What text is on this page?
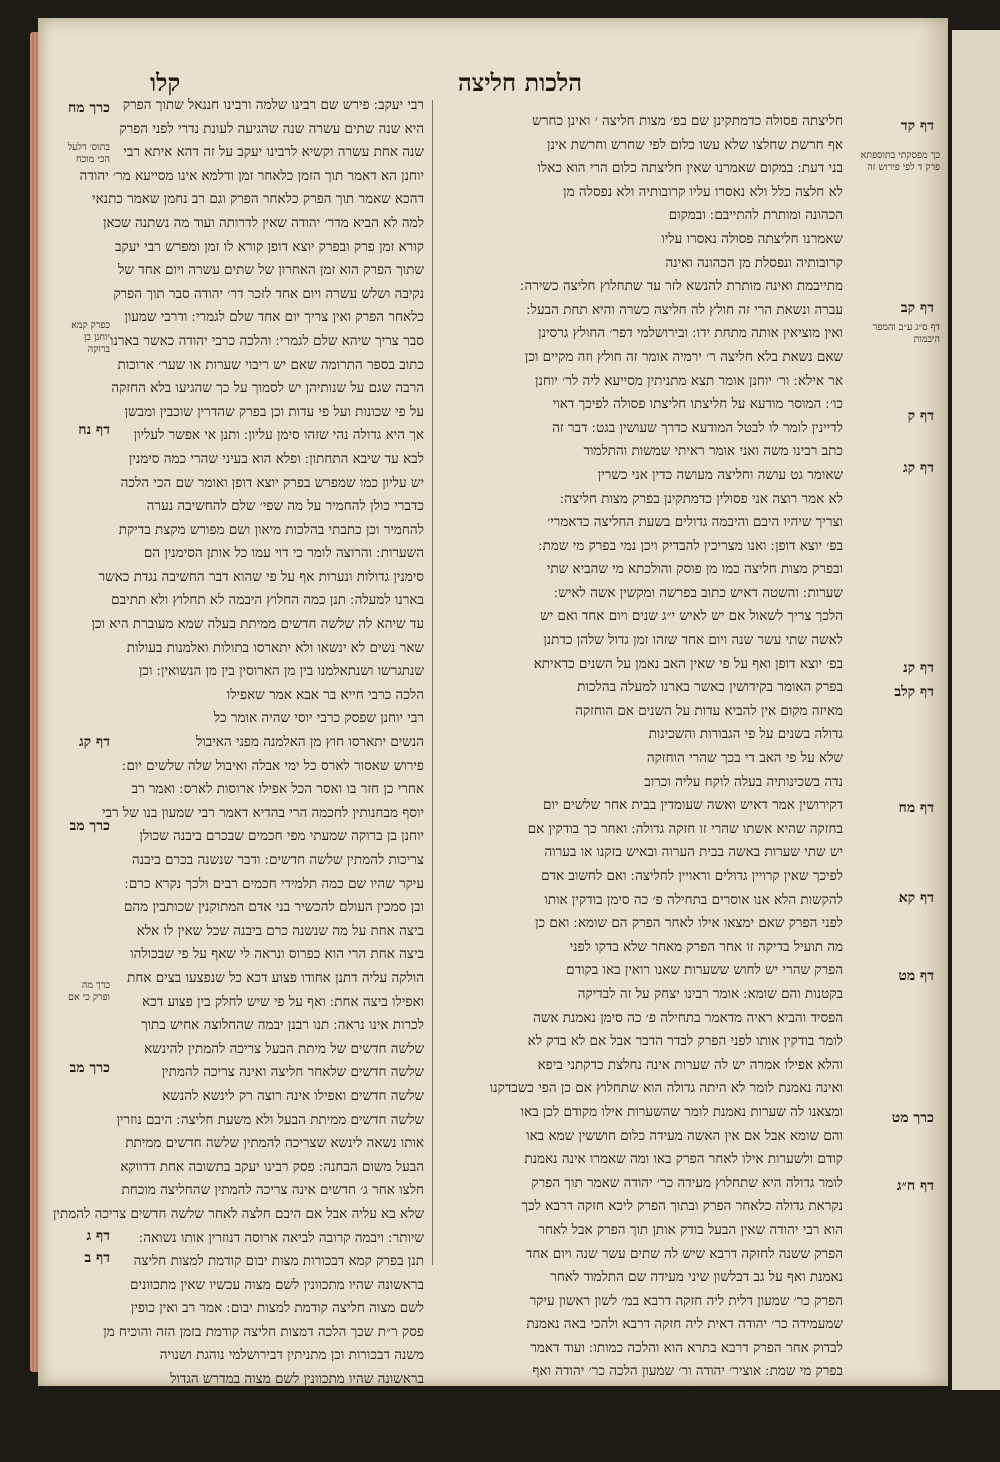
הלכות חליצה
קלו
חליצתה פסולה כדמתקינן שם בפ׳ מצות חליצה ׳ ואינן כחרש
אף חרשת שחלצו שלא עשו כלום לפי שחרש וחרשת אינן
בני דעת ׃ במקום שאמרנו שאין חליצתה כלום הרי הוא כאלו
לא חלצה כלל ולא נאסרו עליו קרובותיה ולא נפסלה מן
הכהונה ומותרת להתייבם ׃ ובמקום
שאמרנו חליצתה פסולה נאסרו עליו
קרובותיה ונפסלת מן הכהונה ואינה
מתייבמת ואינה מותרת להנשא לזר עד שתחלוץ חליצה כשירה ׃
עברה ונשאת הרי זה חולץ לה חליצה כשרה והיא תחת הבעל ׃
ואין מוציאין אותה מתחת ידו ׃ ובירושלמי דפר׳ החולץ גרסינן
שאם נשאת בלא חליצה ר׳ ירמיה אומר זה חולץ וזה מקיים וכן
אר אילא ׃ ור׳ יוחנן אומר תצא מתניתין מסייעא ליה לר׳ יוחנן
כו׳ ׃ המוסר מודעא על חליצתו חליצתו פסולה לפיכך דאוי
לדיינין לומר לו לבטל המודעא כדרך שעושין בגט ׃ דבר זה
כתב רבינו משה ואני אומר ראיתי שמשות והתלמוד
שאומר גט עושה וחליצה מעושה כדין אני כשרין
לא אמר רוצה אני פסולין כדמתקינן בפרק מצות חליצה ׃
וצריך שיהיו היבם והיבמה גדולים בשעת החליצה כדאמרי׳
בפ׳ יוצא דופן ׃ ואנו מצריכין להבדיק ויכן נמי בפרק מי שמת ׃
ובפרק מצות חליצה כמו מן פוסק והולכתא מי שהביא שתי
שערות ׃ והשטה דאיש כתוב בפרשה ומקשין אשה לאיש ׃
הלכך צריך לשאול אם יש לאיש י״ג שנים ויום אחד ואם יש
לאשה שתי עשר שנה ויום אחד שזהו זמן גדול שלהן כדתנן
בפ׳ יוצא דופן ואף על פי שאין האב נאמן על השנים כדאיתא
בפרק האומר בקידושין כאשר בארנו למעלה בהלכות
מאיזה מקום אין להביא עדות על השנים אם הוחזקה
גדולה בשנים על פי הגבורות והשכינות
שלא על פי האב די בכך שהרי הוחזקה
נדה בשכינותיה בעלה לוקח עליה וכרוב
דקירושין אמר דאיש ואשה שעומדין בבית אחר שלשים יום
בחזקה שהיא אשתו שהרי זו חזקה גדולה ׃ ואחר כך בודקין אם
יש שתי שערות באשה בבית הערוה ובאיש בזקנו או בערוה
לפיכך שאין קרויין גדולים וראויין לחליצה ׃ ואם לחשוב אדם
להקשות הלא אנו אוסרים בתחילה פ׳ כה סימן בודקין אותו
לפני הפרק שאם ימצאו אילו לאחר הפרק הם שומא ׃ ואם כן
מה תועיל בדיקה זו אחר הפרק מאחר שלא בדקו לפני
הפרק שהרי יש לחוש ששערות שאנו רואין באו בקודם
בקטנות והם שומא ׃ אומר רבינו יצחק על זה לבדיקה
הפסיד והביא ראיה מדאמר בתחילה פ׳ כה סימן נאמנת אשה
לומר בודקין אותו לפני הפרק לבדר הדבר אבל אם לא בדק לא
והלא אפילו אמרה יש לה שערות אינה נחלצת כדקתני ביפא
ואינה נאמנת לומר לא היתה גדולה הוא שתחלוץ אם כן הפי כשבדקנו
ומצאנו לה שערות נאמנת לומר שהשערות אילו מקודם לכן באו
והם שומא אבל אם אין האשה מעידה כלום חוששין שמא באו
קודם ולשערות אילו לאחר הפרק באו ומה שאמרו אינה נאמנת
לומר גדולה היא שתחלוץ מעידה כר׳ יהודה שאמר תוך הפרק
נקראת גדולה כלאחר הפרק ובתוך הפרק ליכא חזקה דרבא לכך
הוא רבי יהודה שאין הבעל בודק אותן תוך הפרק אבל לאחר
הפרק ששנה לחזקה דרבא שיש לה שתים עשר שנה ויום אחד
נאמנת ואף על גב דבלשון שיני מעידה שם התלמוד לאחר
הפרק כר׳ שמעון דלית ליה חזקה דרבא במ׳ לשון ראשון עיקר
שמעמידה כר׳ יהודה דאית ליה חזקה דרבא ולהכי באה נאמנת
לבדוק אחר הפרק דרבא בתרא הוא והלכה כמותו ׃ ועוד דאמר
בפרק מי שמת ׃ אוציר׳ יהודה ור׳ שמעון הלכה כר׳ יהודה ואף
על פי שפסק שם רבינו חננאל כר׳ שמעון אינו נכון כדפי׳ שם
רבי יעקב ׃ פירש שם רבינו שלמה ורבינו חננאל שתוך הפרק
היא שנה שתים עשרה שנה שהגיעה לעונת נדרי לפני הפרק
שנה אחת עשרה וקשיא לרבינו יעקב על זה דהא איתא רבי
יוחנן הא דאמר תוך הזמן כלאחר זמן ודלמא אינו מסייעא מר׳ יהודה
דהכא שאמר תוך הפרק כלאחר הפרק וגם רב נחמן שאמר כתנאי
למה לא הביא מדר׳ יהודה שאין לדרותה ועוד מה נשתנה שכאן
קורא זמן פרק ובפרק יוצא דופן קורא לו זמן ומפרש רבי יעקב
שתוך הפרק הוא זמן האחרון של שתים עשרה ויום אחד של
נקיבה ושלש עשרה ויום אחד לזכר דר׳ יהודה סבר תוך הפרק
כלאחר הפרק ואין צריך יום אחד שלם לגמרי ׃ ודרבי שמעון
סבר צריך שיהא שלם לגמרי ׃ והלכה כרבי יהודה כאשר בארנו
כתוב בספר התרומה שאם יש ריבוי שערות או שער׳ ארוכות
הרבה שגם על שנותיהן יש לסמוך על כך שהגיעו בלא החזקה
על פי שכונות ועל פי עדות וכן בפרק שהדרין שוכבין ומבשן
אך היא גדולה נהי שזהו סימן עליון ׃ ותנן אי אפשר לעליון
לבא עד שיבא התחתון ׃ ופלא הוא בעיני שהרי כמה סימנין
יש עליון כמו שמפרש בפרק יוצא דופן ואומר שם הכי הלכה
כדברי כולן להחמיר על מה שפי׳ שלם להחשיבה נערה
להחמיר וכן כתבתי בהלכות מיאון ושם מפורש מקצת בדיקת
השערות ׃ והרוצה לומר כי דוי עמו כל אותן הסימנין הם
סימנין גדולות ונערות אף על פי שהוא דבר החשיבה נגדת כאשר
בארנו למעלה ׃ תנן כמה החלוץ היבמה לא תחלוץ ולא תתיבם
עד שיהא לה שלשה חדשים ממיתת בעלה שמא מעוברת היא וכן
שאר נשים לא ינשאו ולא יתארסו בתולות ואלמנות בעולות
שנתגרשו ושנתאלמנו בין מן הארוסין בין מן הנשואין ׃ וכן
הלכה כרבי חייא בר אבא אמר שאפילו
רבי יוחנן שפסק כרבי יוסי שהיה אומר כל
הנשים יתארסו חוץ מן האלמנה מפני האיבול
פירוש שאסור לארס כל ימי אבלה ואיבול שלה שלשים יום ׃
אחרי כן חזר בו ואסר הכל אפילו ארוסות לארס ׃ ואמר רב
יוסף מבחנותין לחכמה הרי בהדיא דאמר רבי שמעון בנו של רבי
יוחנן בן ברוקה שמעתי מפי חכמים שבכרם ביבנה שכולן
צריכות להמתין שלשה חדשים ׃ ודבר שנשנה בכרם ביבנה
עיקר שהיו שם כמה תלמידי חכמים רבים ולכך נקרא כרם ׃
ובן סמכין העולם להכשיר בני אדם המתוקנין שכותבין מהם
ביצה אחת על מה שנשנה כרם ביבנה שכל שאין לו אלא
ביצה אחת הרי הוא כפרוס ונראה לי שאף על פי שבכולהו
הולקה עליה דתנן אחודו פצוע דכא כל שנפצעו בצים אחת
ואפילו ביצה אחת ׃ ואף על פי שיש לחלק בין פצוע דכא
לכרות אינו נראה ׃ תנו רבנן יבמה שהחלוצה אחיש בתוך
שלשה חדשים של מיתת הבעל צריכה להמתין להינשא
שלשה חדשים שלאחר חליצה ואינה צריכה להמתין
שלשה חדשים ואפילו אינה רוצה רק לינשא להנשא
שלשה חדשים ממיתת הבעל ולא משעת חליצה ׃ היבם נוזרין
אותו נשאה לינשא שצריכה להמתין שלשה חדשים ממיתת
הבעל משום הבחנה ׃ פסק רבינו יעקב בתשובה אחת דדווקא
חלצו אחר ג׳ חדשים אינה צריכה להמתין שהחליצה מוכחת
שלא בא עליה אבל אם היבם חלצה לאחר שלשה חדשים צריכה להמתין
שיותר ׃ ויבמה קרובה לביאה ארוסה דנוזרין אותו נשואה ׃
תנן בפרק קמא דבכורות מצות יבום קודמת למצות חליצה
בראשונה שהיו מתכוונין לשם מצוה עכשיו שאין מתכוונים
לשם מצוה חליצה קודמת למצות יבום ׃ אמר רב ואין כופין
פסק ר״ת שכך הלכה דמצות חליצה קודמת בזמן הזה והוכיח מן
משנה דבכורות וכן מתניתין דבירושלמי נוהגת ושנויה
בראשונה שהיו מתכוונין לשם מצוה במדרש הגדול
פוטרות צרותיהן מן החליצה ומן היבום ומוכיח בגמרא
קתני בן מן היבום ומן החליצה שם דוגמא שאול הוא דאמר
מצות
דף קד
דף קב
דף ק
דף קג
דף קנ
דף קלב
דף מח
דף קא
דף מט
כרך מט
דף ח״ג
כרך מח
דף נח
דף קג
כרך מב
כרך מב
דף ג
דף ב
כך מפסקתי בתוספתא פרק ד לפי פירוש זה
דף ס״ג ע״ב והמפר היבמות
בתוס׳ דלעל הכי מוכח
כפרק קמא יוחנן בן ברוקה
כרך מה ופרק כי אם
